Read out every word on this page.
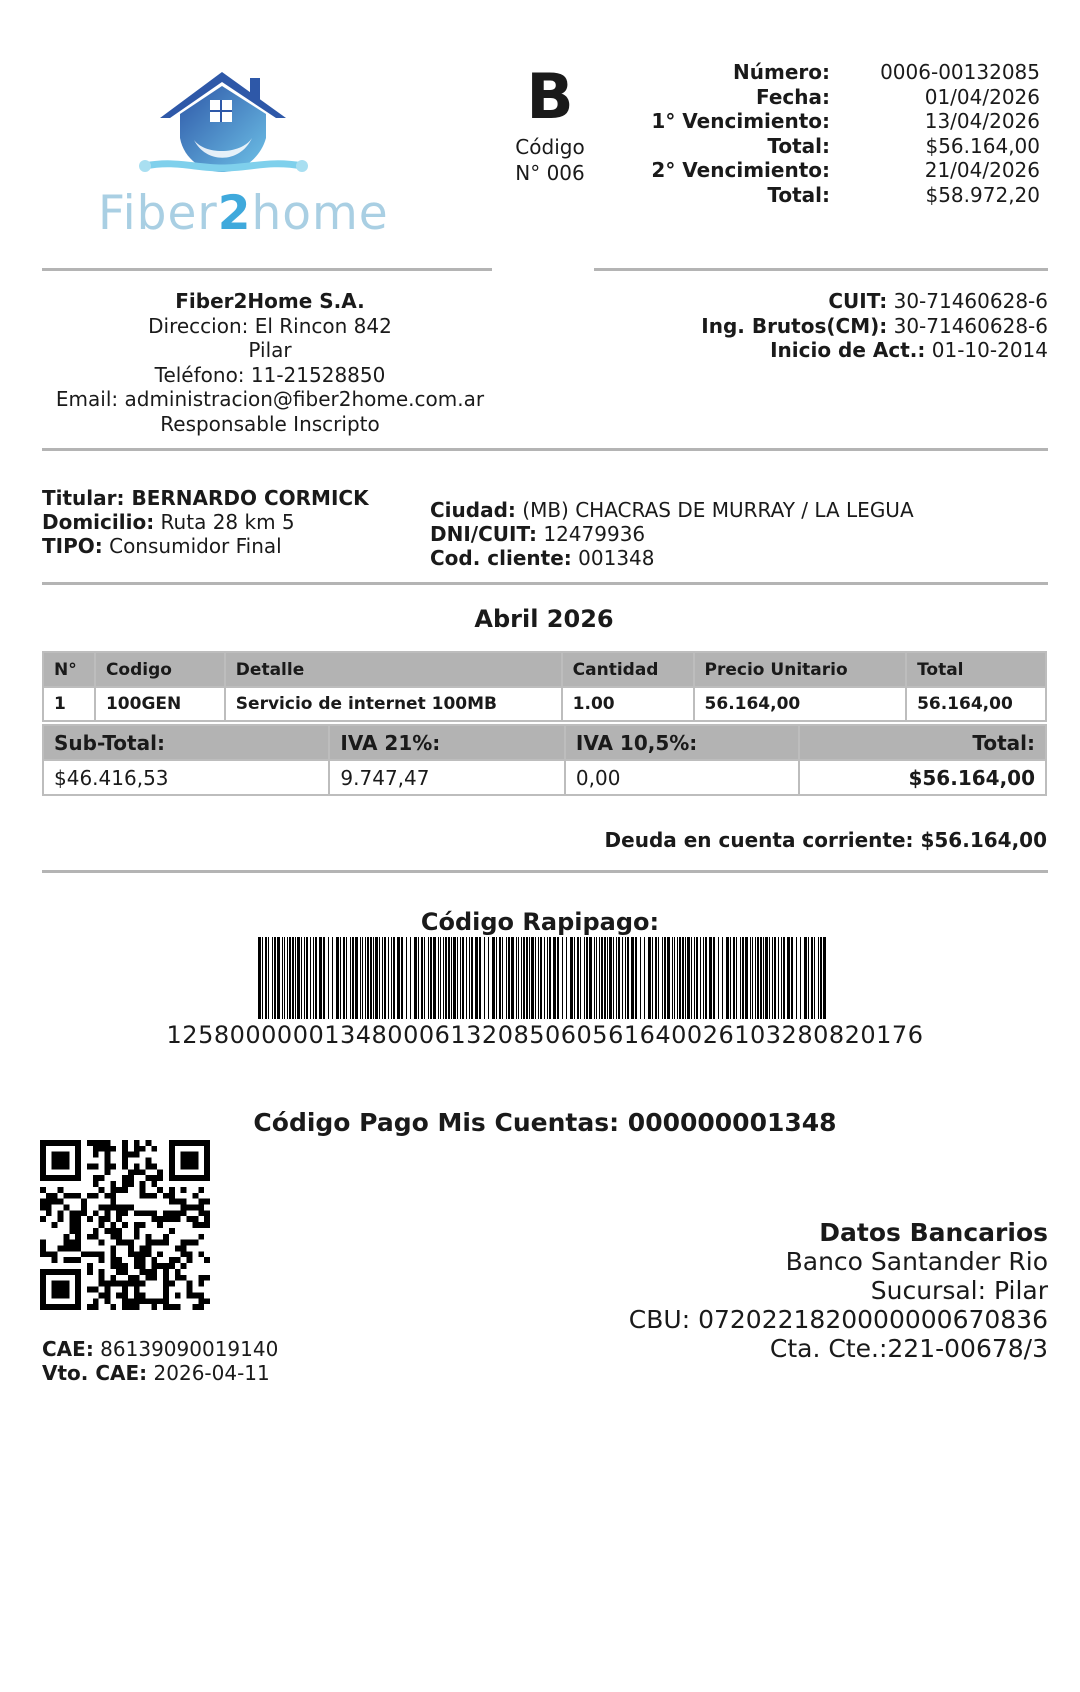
Fiber2home
B
Código
N° 006
Número:	0006-00132085
Fecha:	01/04/2026
1° Vencimiento:	13/04/2026
Total:	$56.164,00
2° Vencimiento:	21/04/2026
Total:	$58.972,20
Fiber2Home S.A.
Direccion: El Rincon 842
Pilar
Teléfono: 11-21528850
Email: administracion@fiber2home.com.ar
Responsable Inscripto
CUIT: 30-71460628-6
Ing. Brutos(CM): 30-71460628-6
Inicio de Act.: 01-10-2014
Titular: BERNARDO CORMICK
Domicilio: Ruta 28 km 5
TIPO: Consumidor Final
Ciudad: (MB) CHACRAS DE MURRAY / LA LEGUA
DNI/CUIT: 12479936
Cod. cliente: 001348
Abril 2026
N°	Codigo	Detalle	Cantidad	Precio Unitario	Total
1	100GEN	Servicio de internet 100MB	1.00	56.164,00	56.164,00
Sub-Total:	IVA 21%:	IVA 10,5%:	Total:
$46.416,53	9.747,47	0,00	$56.164,00
Deuda en cuenta corriente: $56.164,00
Código Rapipago:
125800000013480006132085060561640026103280820176
Código Pago Mis Cuentas: 000000001348
CAE: 86139090019140
Vto. CAE: 2026-04-11
Datos Bancarios
Banco Santander Rio
Sucursal: Pilar
CBU: 0720221820000000670836
Cta. Cte.:221-00678/3
